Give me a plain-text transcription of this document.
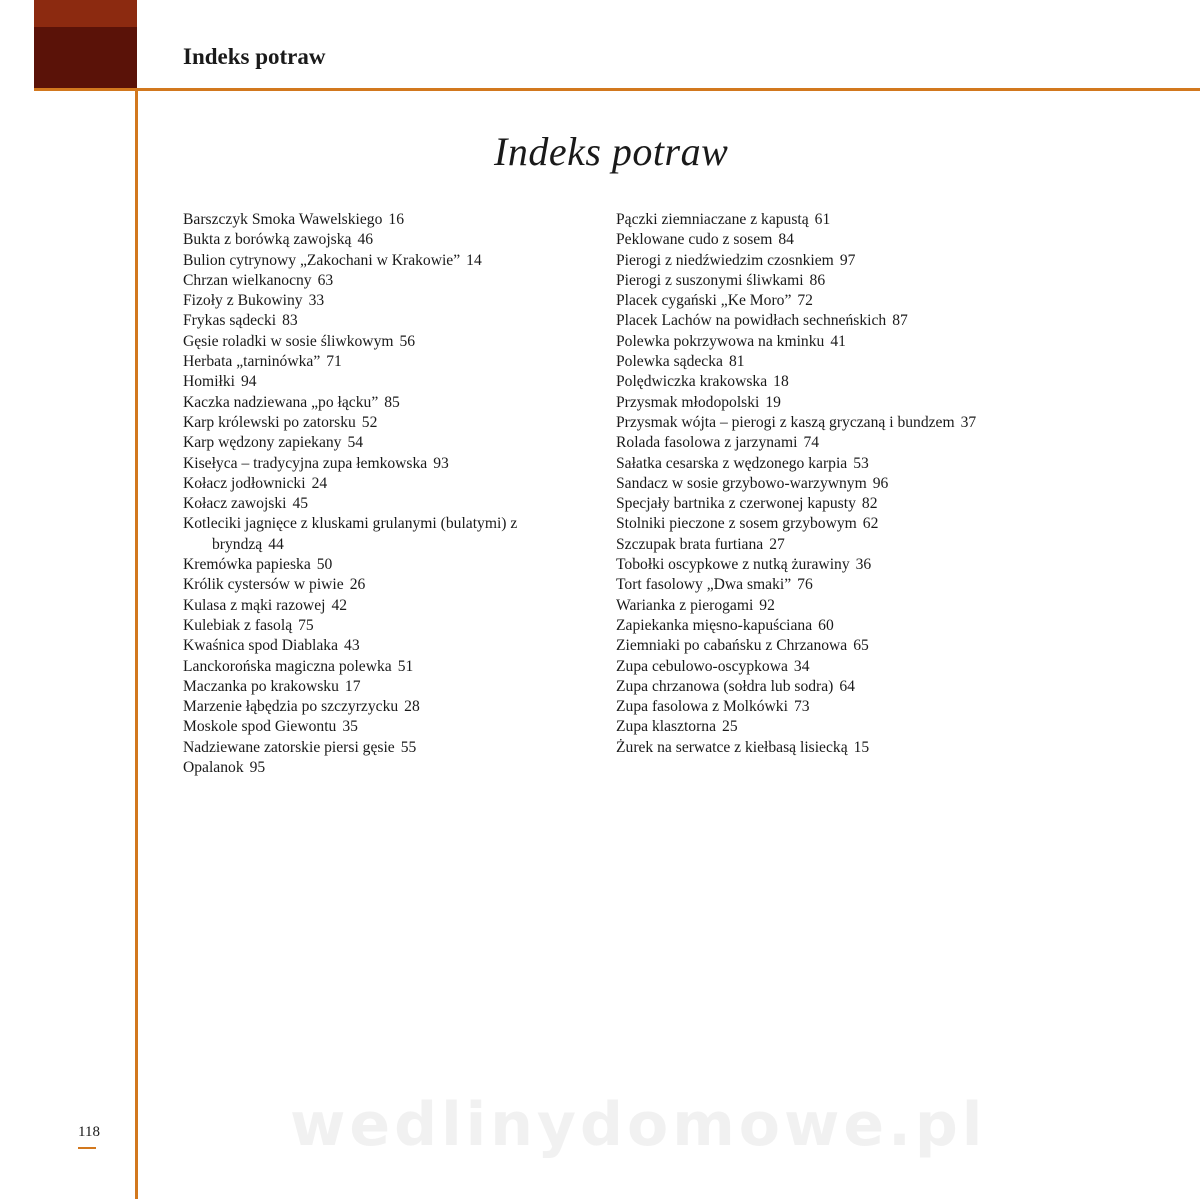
Indeks potraw
Indeks potraw
Barszczyk Smoka Wawelskiego 16
Bukta z borówką zawojską 46
Bulion cytrynowy „Zakochani w Krakowie” 14
Chrzan wielkanocny 63
Fizoły z Bukowiny 33
Frykas sądecki 83
Gęsie roladki w sosie śliwkowym 56
Herbata „tarninówka” 71
Homiłki 94
Kaczka nadziewana „po łącku” 85
Karp królewski po zatorsku 52
Karp wędzony zapiekany 54
Kisełyca – tradycyjna zupa łemkowska 93
Kołacz jodłownicki 24
Kołacz zawojski 45
Kotleciki jagnięce z kluskami grulanymi (bulatymi) z bryndzą 44
Kremówka papieska 50
Królik cystersów w piwie 26
Kulasa z mąki razowej 42
Kulebiak z fasolą 75
Kwaśnica spod Diablaka 43
Lanckorońska magiczna polewka 51
Maczanka po krakowsku 17
Marzenie łąbędzia po szczyrzycku 28
Moskole spod Giewontu 35
Nadziewane zatorskie piersi gęsie 55
Opalanok 95
Pączki ziemniaczane z kapustą 61
Peklowane cudo z sosem 84
Pierogi z niedźwiedzim czosnkiem 97
Pierogi z suszonymi śliwkami 86
Placek cygański „Ke Moro” 72
Placek Lachów na powidłach sechneńskich 87
Polewka pokrzywowa na kminku 41
Polewka sądecka 81
Polędwiczka krakowska 18
Przysmak młodopolski 19
Przysmak wójta – pierogi z kaszą gryczaną i bundzem 37
Rolada fasolowa z jarzynami 74
Sałatka cesarska z wędzonego karpia 53
Sandacz w sosie grzybowo-warzywnym 96
Specjały bartnika z czerwonej kapusty 82
Stolniki pieczone z sosem grzybowym 62
Szczupak brata furtiana 27
Tobołki oscypkowe z nutką żurawiny 36
Tort fasolowy „Dwa smaki” 76
Warianka z pierogami 92
Zapiekanka mięsno-kapuściana 60
Ziemniaki po cabańsku z Chrzanowa 65
Zupa cebulowo-oscypkowa 34
Zupa chrzanowa (sołdra lub sodra) 64
Zupa fasolowa z Molkówki 73
Zupa klasztorna 25
Żurek na serwatce z kiełbasą lisiecką 15
wedlinydomowe.pl
118
